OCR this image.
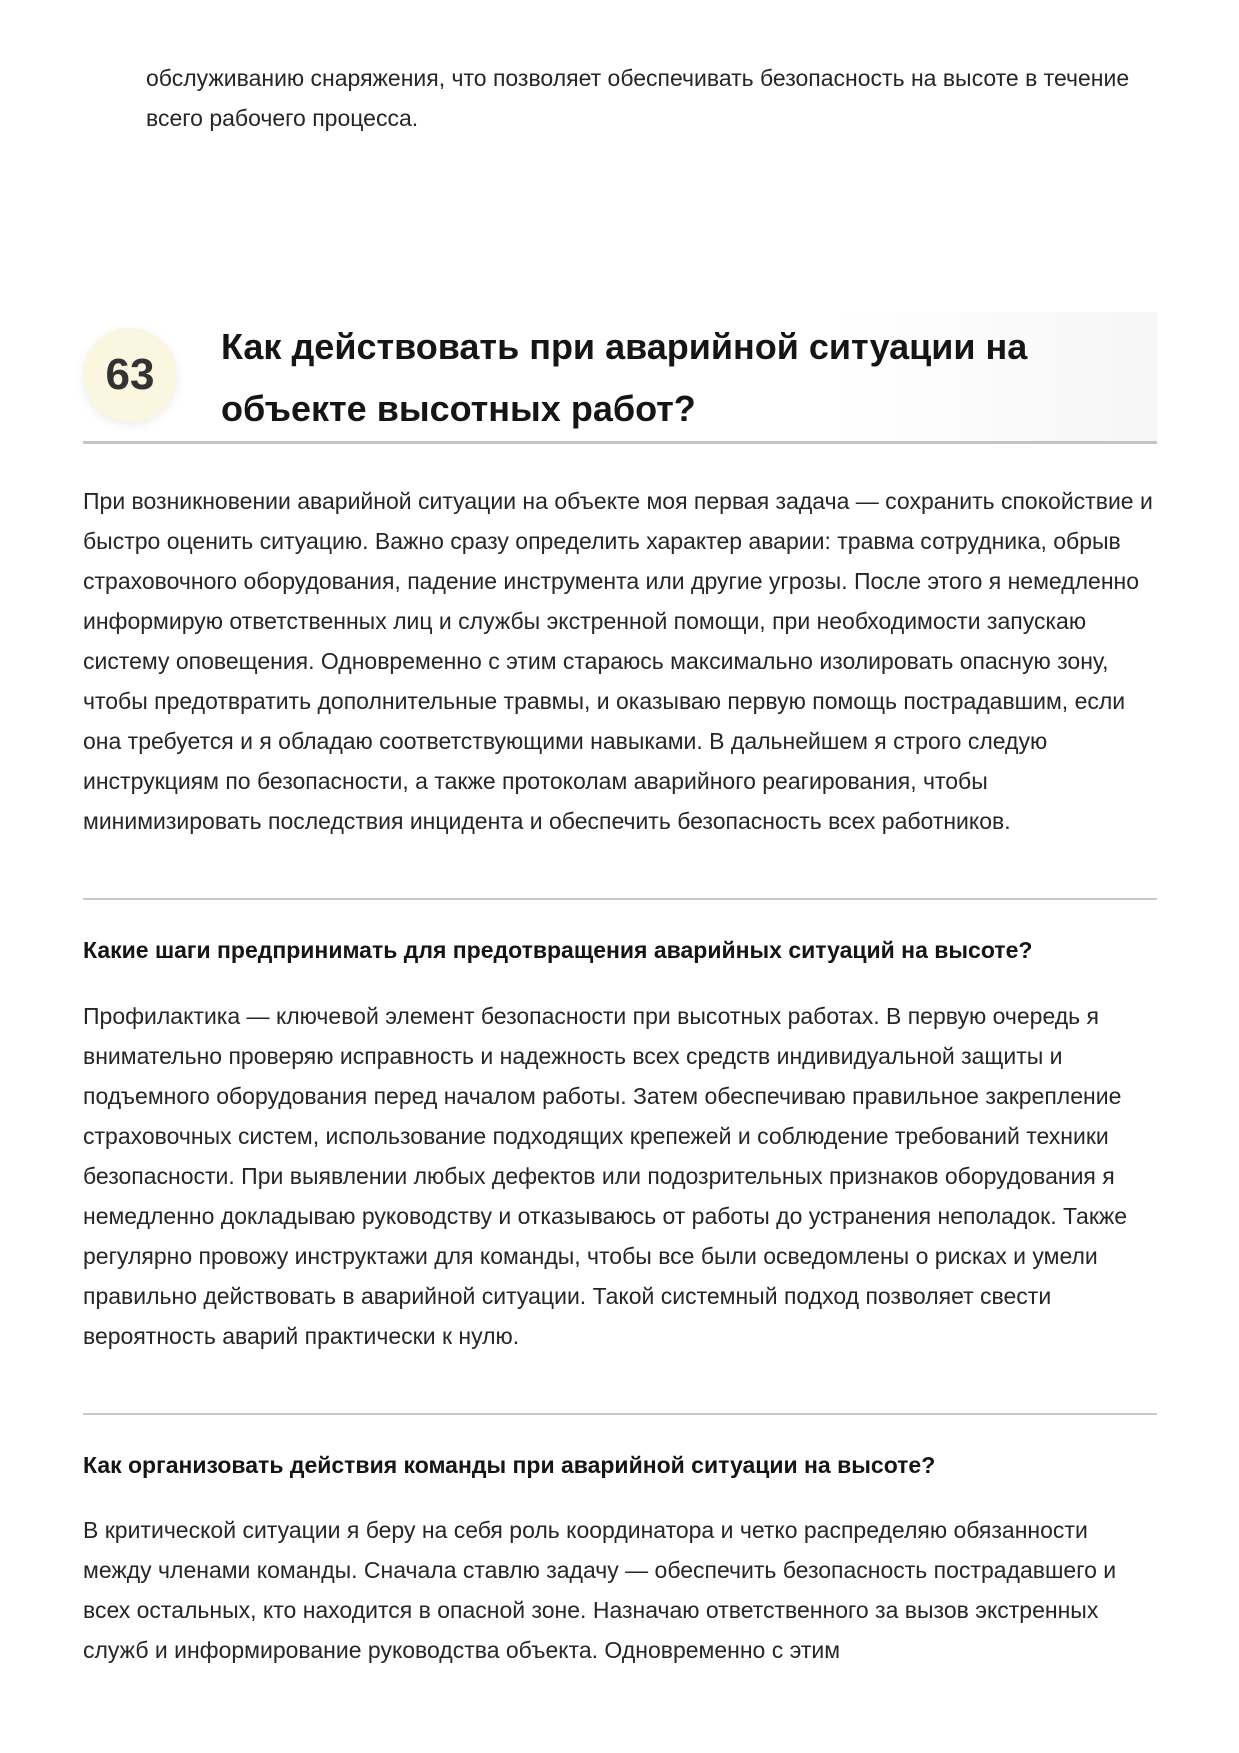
обслуживанию снаряжения, что позволяет обеспечивать безопасность на высоте в течение всего рабочего процесса.

63
Как действовать при аварийной ситуации на объекте высотных работ?

При возникновении аварийной ситуации на объекте моя первая задача — сохранить спокойствие и быстро оценить ситуацию. Важно сразу определить характер аварии: травма сотрудника, обрыв страховочного оборудования, падение инструмента или другие угрозы. После этого я немедленно информирую ответственных лиц и службы экстренной помощи, при необходимости запускаю систему оповещения. Одновременно с этим стараюсь максимально изолировать опасную зону, чтобы предотвратить дополнительные травмы, и оказываю первую помощь пострадавшим, если она требуется и я обладаю соответствующими навыками. В дальнейшем я строго следую инструкциям по безопасности, а также протоколам аварийного реагирования, чтобы минимизировать последствия инцидента и обеспечить безопасность всех работников.

Какие шаги предпринимать для предотвращения аварийных ситуаций на высоте?

Профилактика — ключевой элемент безопасности при высотных работах. В первую очередь я внимательно проверяю исправность и надежность всех средств индивидуальной защиты и подъемного оборудования перед началом работы. Затем обеспечиваю правильное закрепление страховочных систем, использование подходящих крепежей и соблюдение требований техники безопасности. При выявлении любых дефектов или подозрительных признаков оборудования я немедленно докладываю руководству и отказываюсь от работы до устранения неполадок. Также регулярно провожу инструктажи для команды, чтобы все были осведомлены о рисках и умели правильно действовать в аварийной ситуации. Такой системный подход позволяет свести вероятность аварий практически к нулю.

Как организовать действия команды при аварийной ситуации на высоте?

В критической ситуации я беру на себя роль координатора и четко распределяю обязанности между членами команды. Сначала ставлю задачу — обеспечить безопасность пострадавшего и всех остальных, кто находится в опасной зоне. Назначаю ответственного за вызов экстренных служб и информирование руководства объекта. Одновременно с этим
